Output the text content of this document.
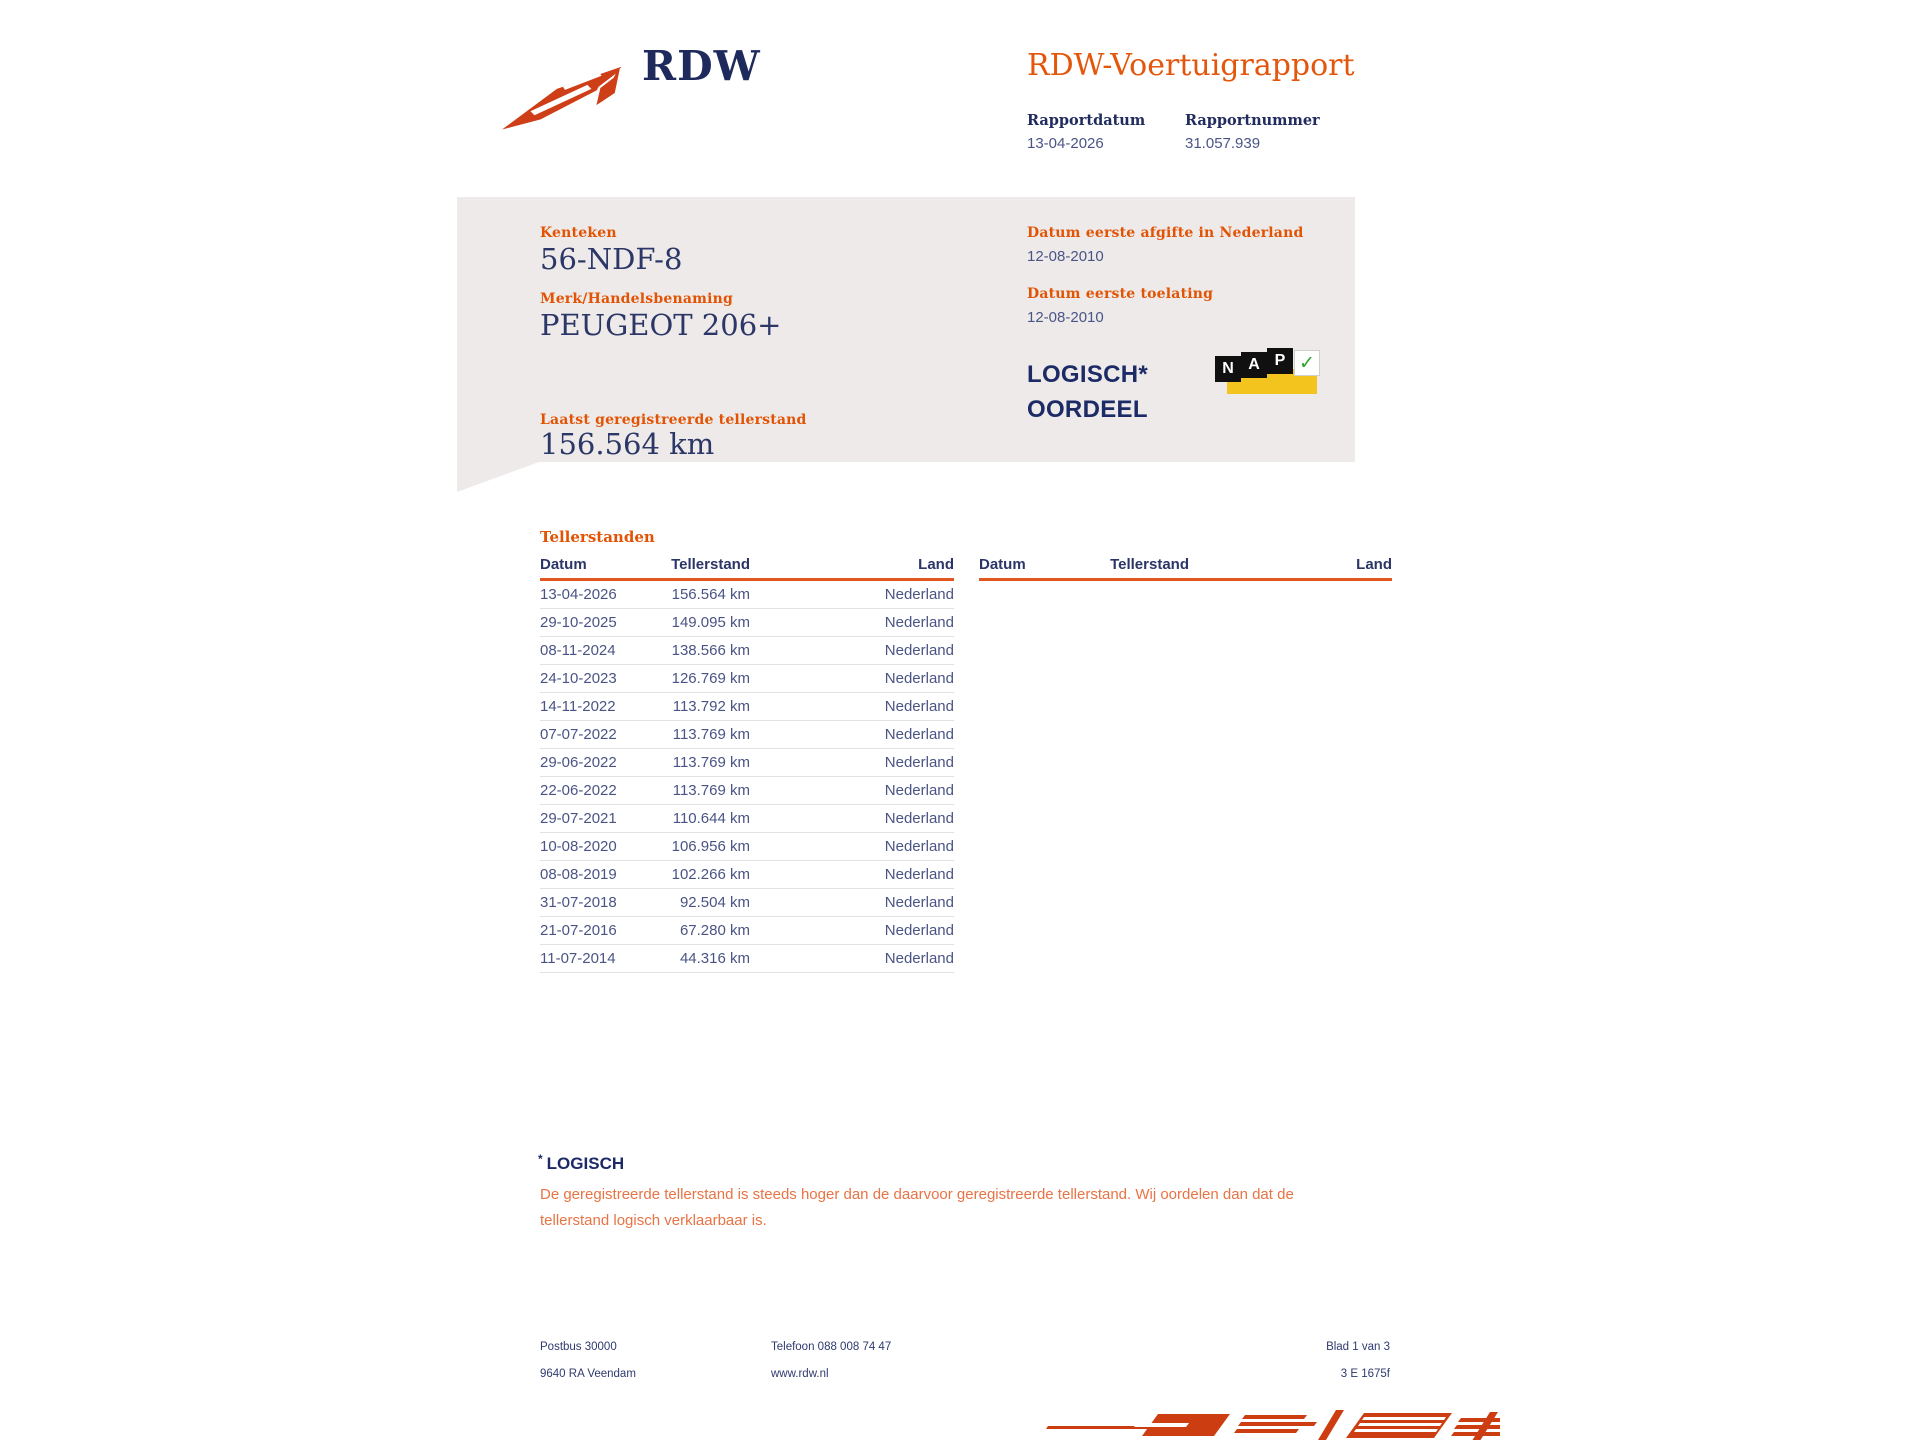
RDW	RDW-Voertuigrapport
Rapportdatum
13-04-2026
Rapportnummer
31.057.939
Kenteken
56-NDF-8
Merk/Handelsbenaming
PEUGEOT 206+
Laatst geregistreerde tellerstand
156.564 km
Datum eerste afgifte in Nederland
12-08-2010
Datum eerste toelating
12-08-2010
LOGISCH*
OORDEEL
N A P ✓
Tellerstanden
Datum	Tellerstand	Land
13-04-2026	156.564 km	Nederland
29-10-2025	149.095 km	Nederland
08-11-2024	138.566 km	Nederland
24-10-2023	126.769 km	Nederland
14-11-2022	113.792 km	Nederland
07-07-2022	113.769 km	Nederland
29-06-2022	113.769 km	Nederland
22-06-2022	113.769 km	Nederland
29-07-2021	110.644 km	Nederland
10-08-2020	106.956 km	Nederland
08-08-2019	102.266 km	Nederland
31-07-2018	92.504 km	Nederland
21-07-2016	67.280 km	Nederland
11-07-2014	44.316 km	Nederland
Datum	Tellerstand	Land
* LOGISCH
De geregistreerde tellerstand is steeds hoger dan de daarvoor geregistreerde tellerstand. Wij oordelen dan dat de tellerstand logisch verklaarbaar is.
Postbus 30000
9640 RA Veendam
Telefoon 088 008 74 47
www.rdw.nl
Blad 1 van 3
3 E 1675f
